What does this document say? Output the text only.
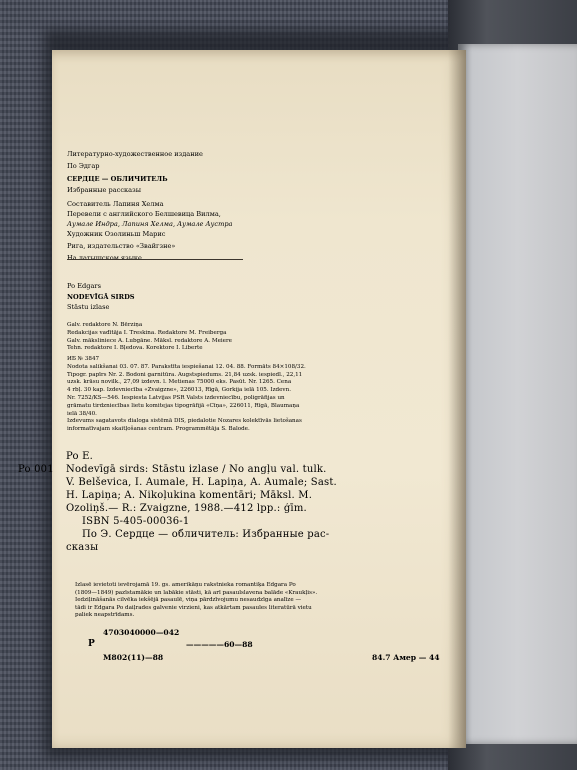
Литературно-художественное издание
По Эдгар
СЕРДЦЕ — ОБЛИЧИТЕЛЬ
Избранные рассказы
Составитель Лапиня Хелма
Перевели с английского Белшевица Вилма,
Аумале Индра, Лапиня Хелма, Аумале Аустра
Художник Озолиньш Марис
Рига, издательство «Звайгзне»
Po Edgars
NODEVĪGĀ SIRDS
Stāstu izlase
Galv. redaktore N. Bērziņa
Redakcijas vadītāja I. Treskina. Redaktore M. Freiberga
Galv. māksliniece A. Lubgāne. Māksl. redaktore A. Meiere
Tehn. redaktore I. Bļedova. Korektore I. Liberte
ИБ № 3847
Nodota salikšanai 03. 07. 87. Parakstīta iespiešanai 12. 04. 88. Formāts 84×108/32.
Tipogr. papīrs Nr. 2. Bodoni garnitūra. Augstspiedums. 21,84 uzsk. iespiedl., 22,11
uzsk. krāsu novilk., 27,09 izdevn. l. Metienas 75000 eks. Pasūt. Nr. 1265. Cena
4 rbļ. 30 kap. Izdevniecība «Zvaigzne», 226013, Rīgā, Gorkija ielā 105. Izdevn.
Nr. 7252/KS—546. Iespiesta Latvijas PSR Valsts izdevniecību, poligrāfijas un
grāmatu tirdzniecības lietu komitejas tipogrāfijā «Cīņa», 226011, Rīgā, Blaumaņa
ielā 38/40.
Izdevums sagatavots dialoga sistēmā DIS, piedalotie Nozares kolektīvās lietošanas
informatīvajam skaitļošanas centram. Programmētāja S. Balode.
Po E.
Po 001 Nodevīgā sirds: Stāstu izlase / No angļu val. tulk.
V. Belševica, I. Aumale, H. Lapiņa, A. Aumale; Sast.
H. Lapiņa; A. Nikoļukina komentāri; Māksl. M.
Ozoliņš.— R.: Zvaigzne, 1988.—412 lpp.: ģīm.
ISBN 5-405-00036-1
По Э. Сердце — обличитель: Избранные рас-
сказы
Izlasē ievietoti ievērojamā 19. gs. amerikāņu rakstnieka romantiķa Edgara Po
(1809—1849) pazīstamākie un labākie stāsti, kā arī pasaulslavena balāde «Kraukļis».
Iedziļināšanās cilvēka iekšējā pasaulē, viņa pārdzīvojumu nesaudzīga analīze —
tādi ir Edgara Po daiļrades galvenie virzieni, kas atkārtam pasaules literatūrā vietu
paliek neapstrīdams.
4703040000—042
P	—————60—88
M802(11)—88	84.7 Амер — 44
